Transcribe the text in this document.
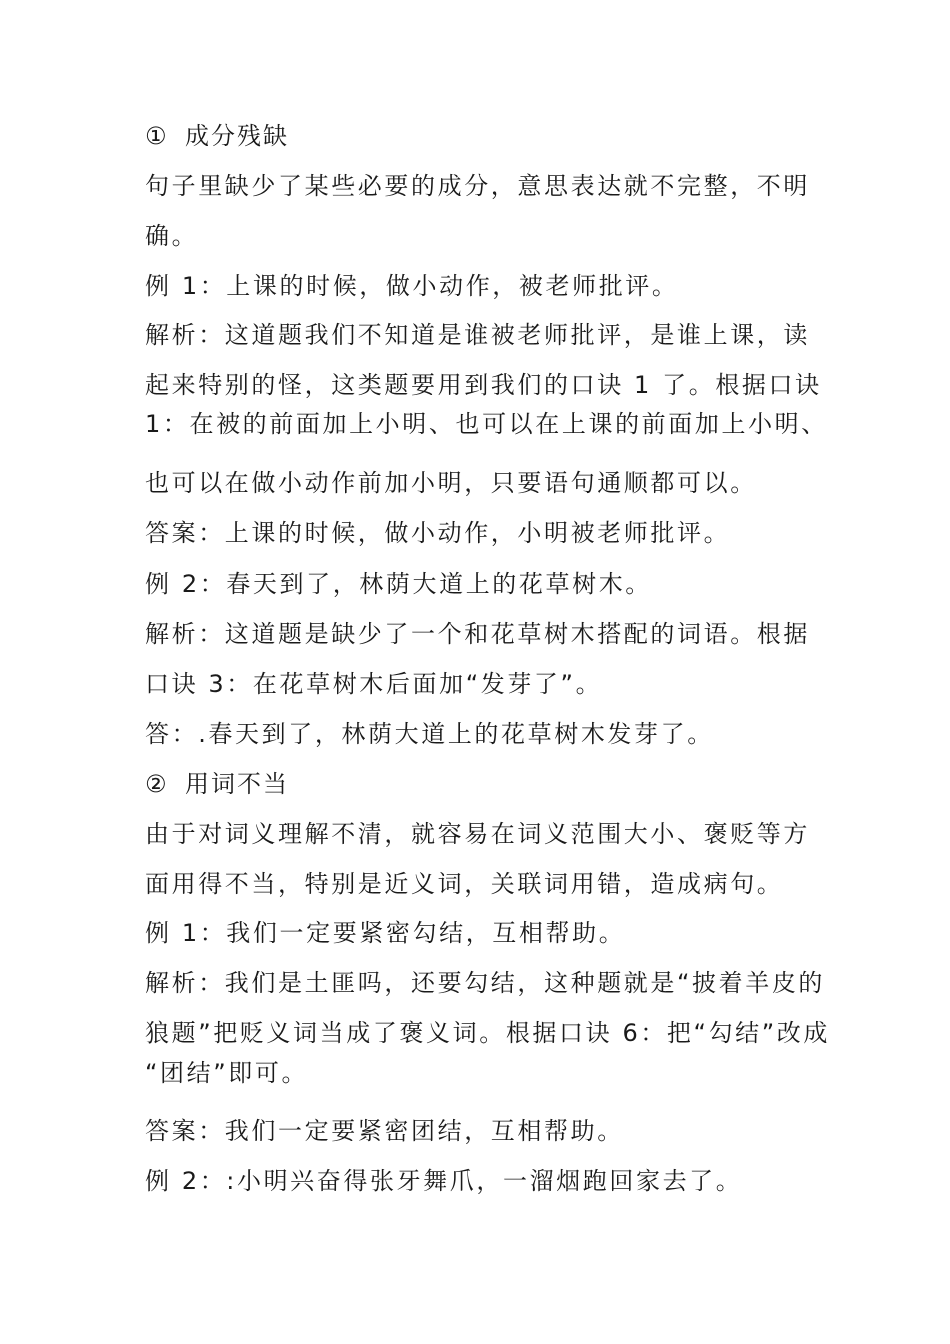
① 成分残缺
句子里缺少了某些必要的成分，意思表达就不完整，不明
确。
例 1：上课的时候，做小动作，被老师批评。
解析：这道题我们不知道是谁被老师批评，是谁上课，读
起来特别的怪，这类题要用到我们的口诀 1 了。根据口诀
1：在被的前面加上小明、也可以在上课的前面加上小明、
也可以在做小动作前加小明，只要语句通顺都可以。
答案：上课的时候，做小动作，小明被老师批评。
例 2：春天到了，林荫大道上的花草树木。
解析：这道题是缺少了一个和花草树木搭配的词语。根据
口诀 3：在花草树木后面加“发芽了”。
答：.春天到了，林荫大道上的花草树木发芽了。
② 用词不当
由于对词义理解不清，就容易在词义范围大小、褒贬等方
面用得不当，特别是近义词，关联词用错，造成病句。
例 1：我们一定要紧密勾结，互相帮助。
解析：我们是土匪吗，还要勾结，这种题就是“披着羊皮的
狼题”把贬义词当成了褒义词。根据口诀 6：把“勾结”改成
“团结”即可。
答案：我们一定要紧密团结，互相帮助。
例 2：:小明兴奋得张牙舞爪，一溜烟跑回家去了。
